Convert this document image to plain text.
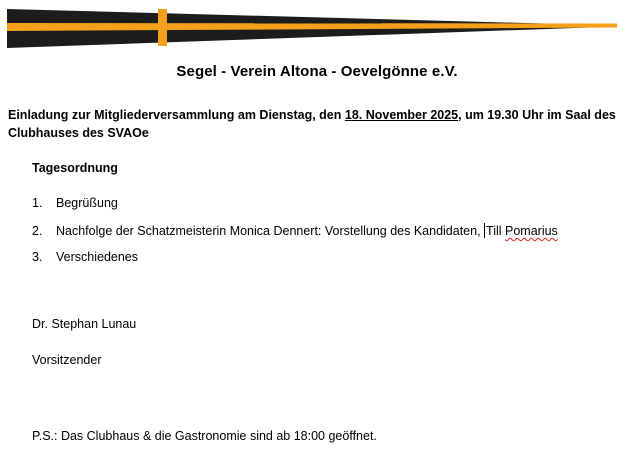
Segel - Verein Altona - Oevelgönne e.V.
Einladung zur Mitgliederversammlung am Dienstag, den 18. November 2025, um 19.30 Uhr im Saal des Clubhauses des SVAOe
Tagesordnung
1. Begrüßung
2. Nachfolge der Schatzmeisterin Monica Dennert: Vorstellung des Kandidaten, Till Pomarius
3. Verschiedenes
Dr. Stephan Lunau
Vorsitzender
P.S.: Das Clubhaus & die Gastronomie sind ab 18:00 geöffnet.
